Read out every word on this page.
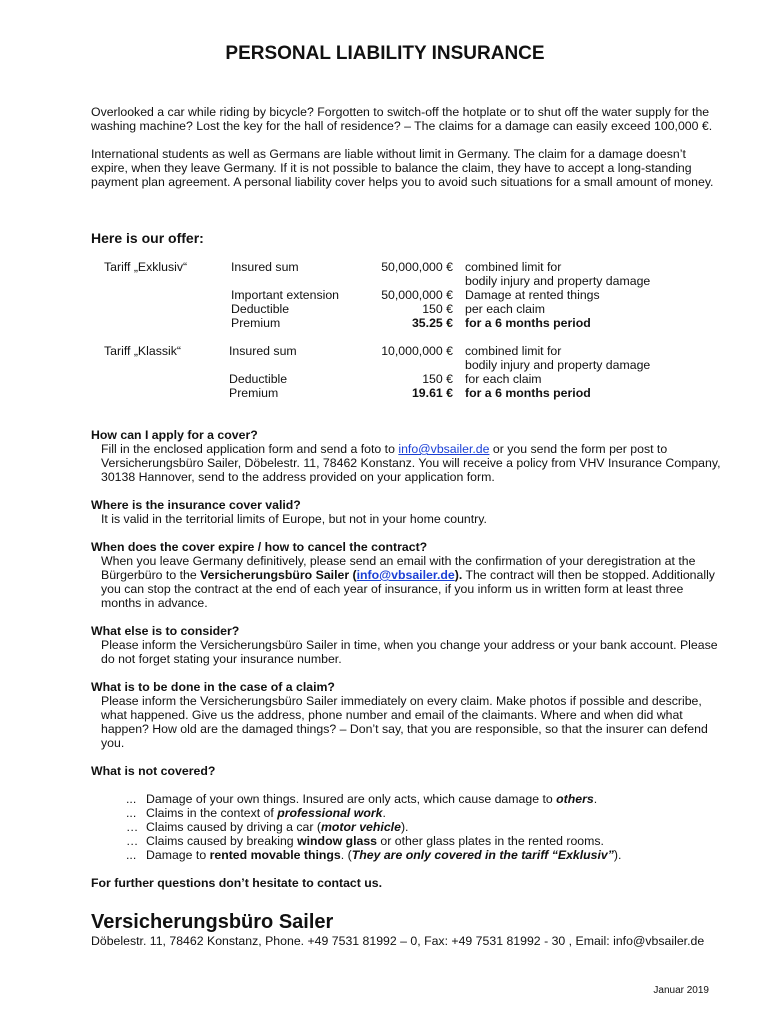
PERSONAL LIABILITY INSURANCE

Overlooked a car while riding by bicycle? Forgotten to switch-off the hotplate or to shut off the water supply for the washing machine? Lost the key for the hall of residence? – The claims for a damage can easily exceed 100,000 €.

International students as well as Germans are liable without limit in Germany. The claim for a damage doesn’t expire, when they leave Germany. If it is not possible to balance the claim, they have to accept a long-standing payment plan agreement. A personal liability cover helps you to avoid such situations for a small amount of money.

Here is our offer:
Tariff „Exklusiv“	Insured sum	50,000,000 € combined limit for
bodily injury and property damage
Important extension	50,000,000 € Damage at rented things
Deductible	150 € per each claim
Premium	35.25 € for a 6 months period
Tariff „Klassik“	Insured sum	10,000,000 € combined limit for
bodily injury and property damage
Deductible	150 € for each claim
Premium	19.61 € for a 6 months period

How can I apply for a cover?

Fill in the enclosed application form and send a foto to info@vbsailer.de or you send the form per post to Versicherungsbüro Sailer, Döbelestr. 11, 78462 Konstanz. You will receive a policy from VHV Insurance Company, 30138 Hannover, send to the address provided on your application form.

Where is the insurance cover valid?

It is valid in the territorial limits of Europe, but not in your home country.

When does the cover expire / how to cancel the contract?

When you leave Germany definitively, please send an email with the confirmation of your deregistration at the Bürgerbüro to the Versicherungsbüro Sailer (info@vbsailer.de). The contract will then be stopped. Additionally you can stop the contract at the end of each year of insurance, if you inform us in written form at least three months in advance.

What else is to consider?

Please inform the Versicherungsbüro Sailer in time, when you change your address or your bank account. Please do not forget stating your insurance number.

What is to be done in the case of a claim?

Please inform the Versicherungsbüro Sailer immediately on every claim. Make photos if possible and describe, what happened. Give us the address, phone number and email of the claimants. Where and when did what happen? How old are the damaged things? – Don’t say, that you are responsible, so that the insurer can defend you.

What is not covered?

... Damage of your own things. Insured are only acts, which cause damage to others.
... Claims in the context of professional work.
… Claims caused by driving a car (motor vehicle).
… Claims caused by breaking window glass or other glass plates in the rented rooms.
... Damage to rented movable things. (They are only covered in the tariff “Exklusiv”).
For further questions don’t hesitate to contact us.
Versicherungsbüro Sailer
Döbelestr. 11, 78462 Konstanz, Phone. +49 7531 81992 – 0, Fax: +49 7531 81992 - 30 , Email: info@vbsailer.de
Januar 2019
